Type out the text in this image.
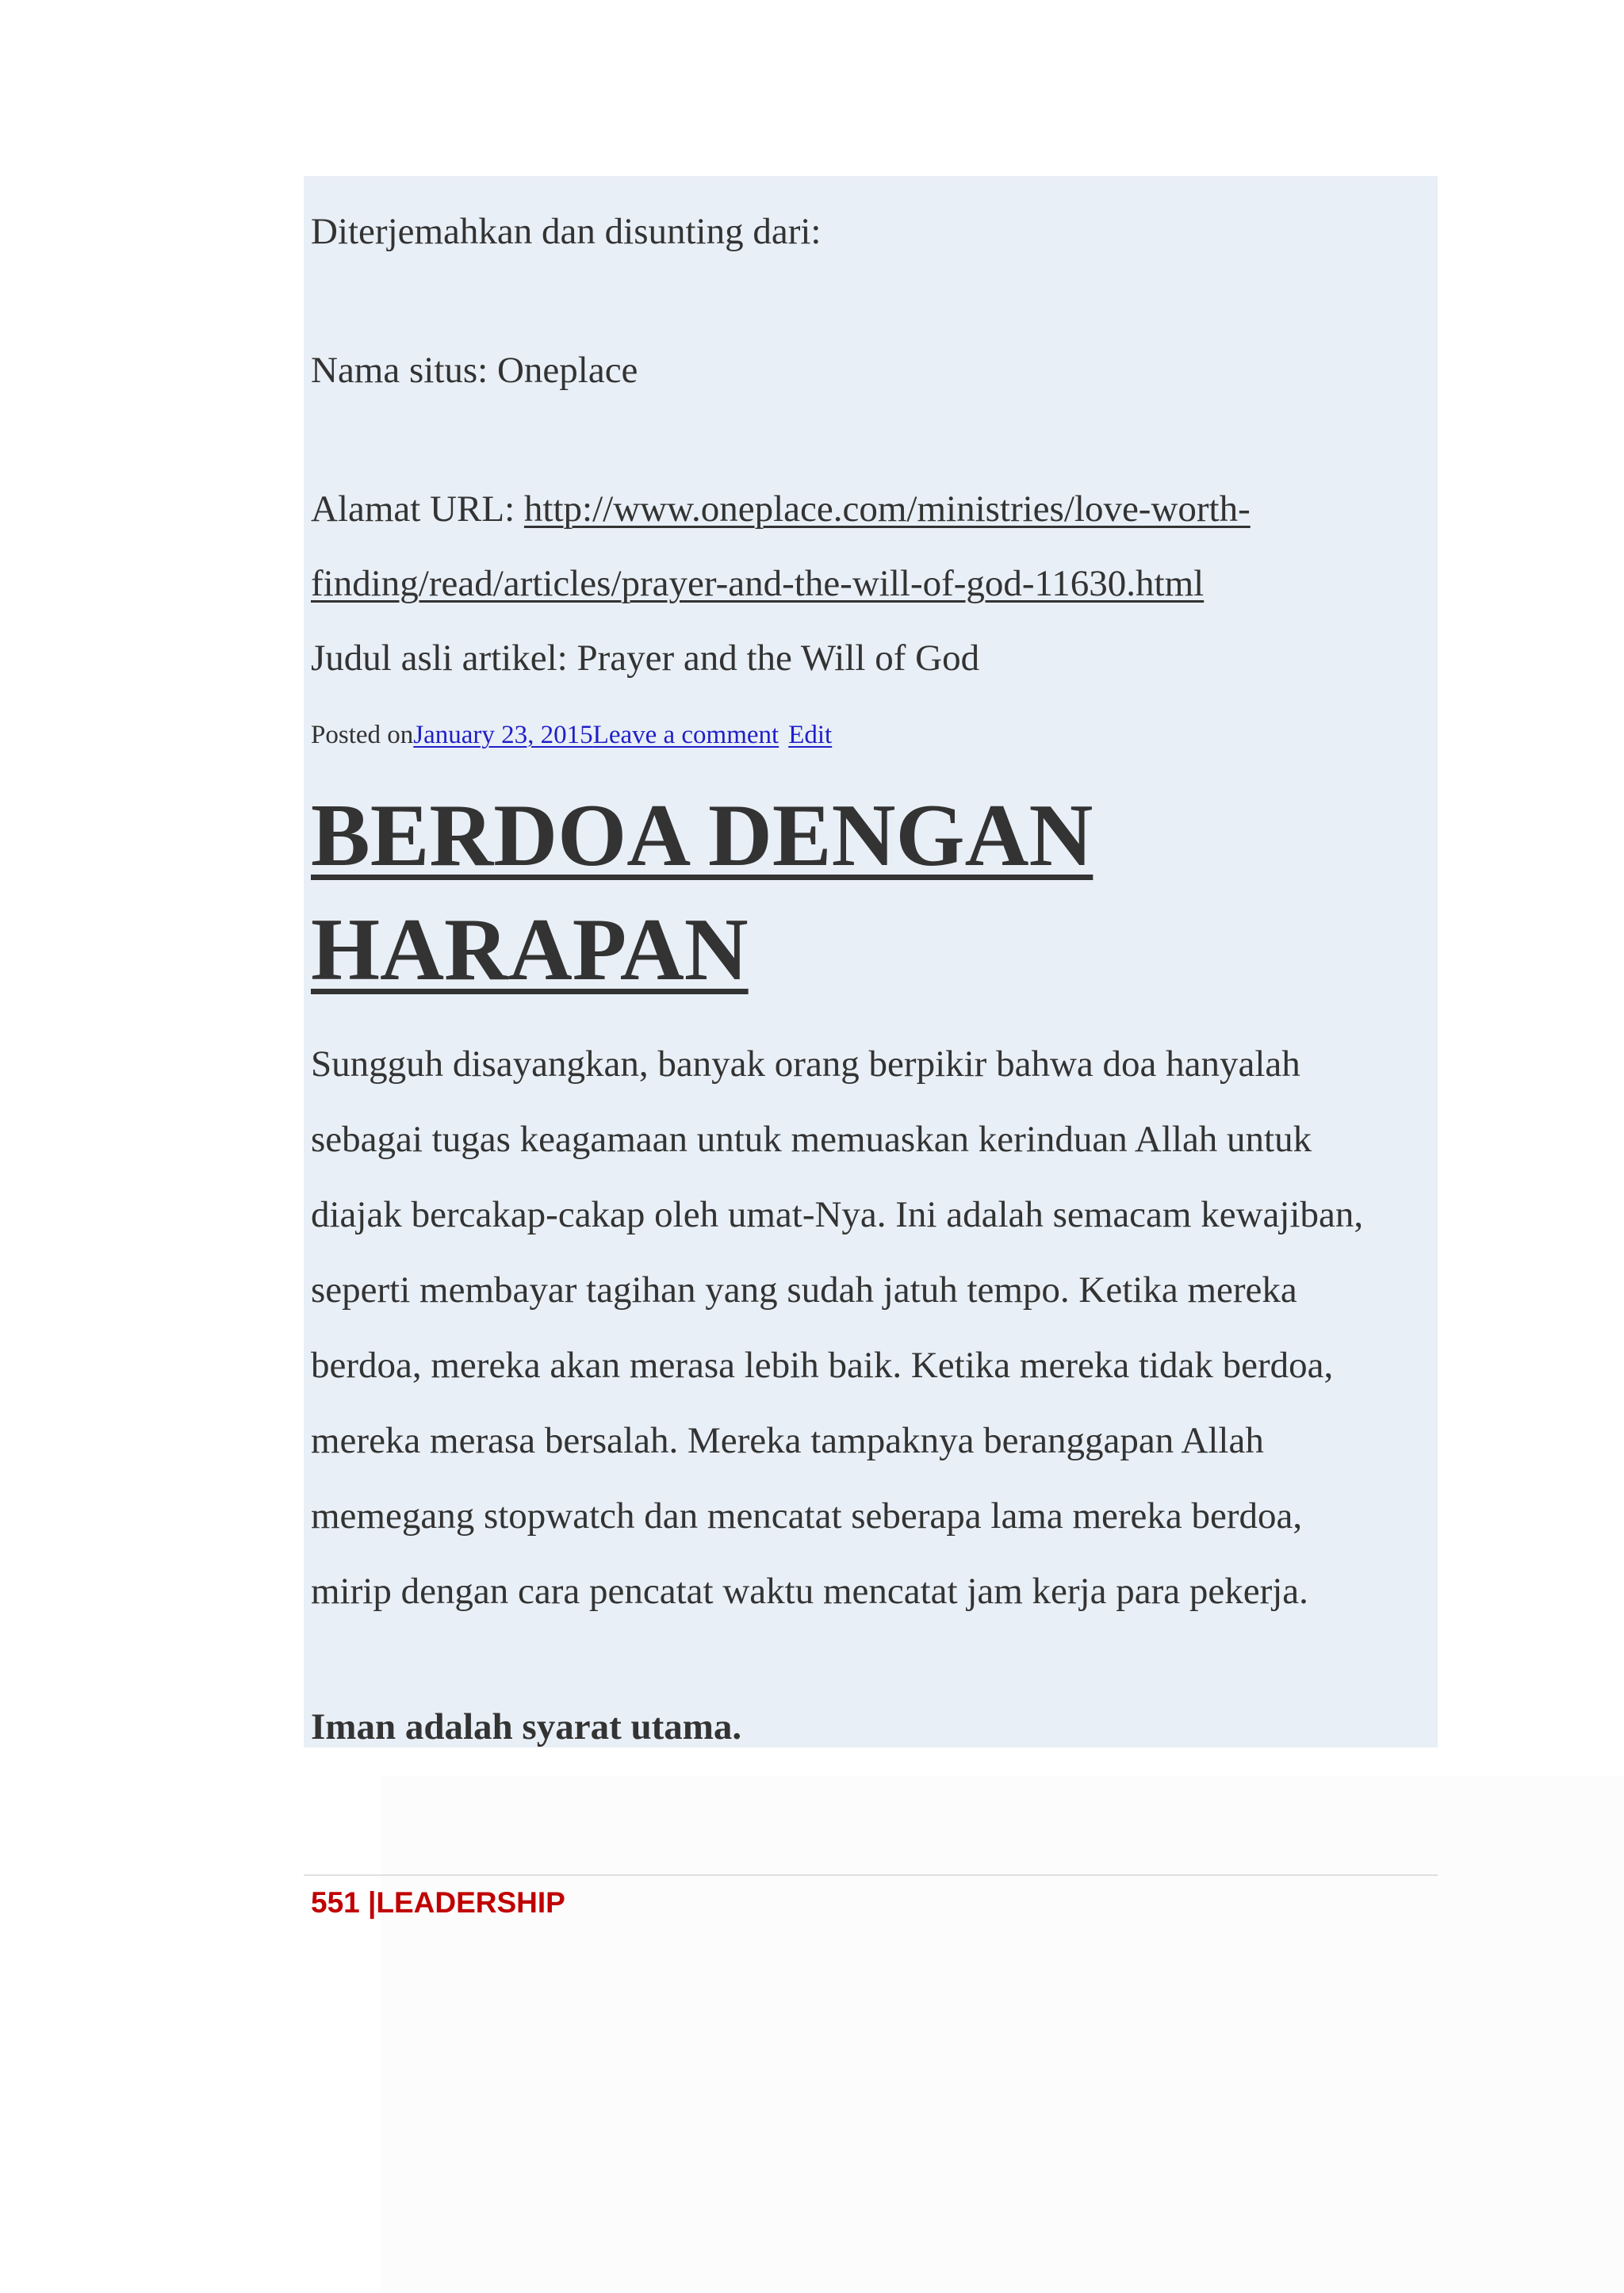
Diterjemahkan dan disunting dari:
Nama situs: Oneplace
Alamat URL: http://www.oneplace.com/ministries/love-worth-
finding/read/articles/prayer-and-the-will-of-god-11630.html
Judul asli artikel: Prayer and the Will of God
Posted onJanuary 23, 2015Leave a comment Edit
BERDOA DENGAN
HARAPAN
Sungguh disayangkan, banyak orang berpikir bahwa doa hanyalah
sebagai tugas keagamaan untuk memuaskan kerinduan Allah untuk
diajak bercakap-cakap oleh umat-Nya. Ini adalah semacam kewajiban,
seperti membayar tagihan yang sudah jatuh tempo. Ketika mereka
berdoa, mereka akan merasa lebih baik. Ketika mereka tidak berdoa,
mereka merasa bersalah. Mereka tampaknya beranggapan Allah
memegang stopwatch dan mencatat seberapa lama mereka berdoa,
mirip dengan cara pencatat waktu mencatat jam kerja para pekerja.
Iman adalah syarat utama.
551 |LEADERSHIP
